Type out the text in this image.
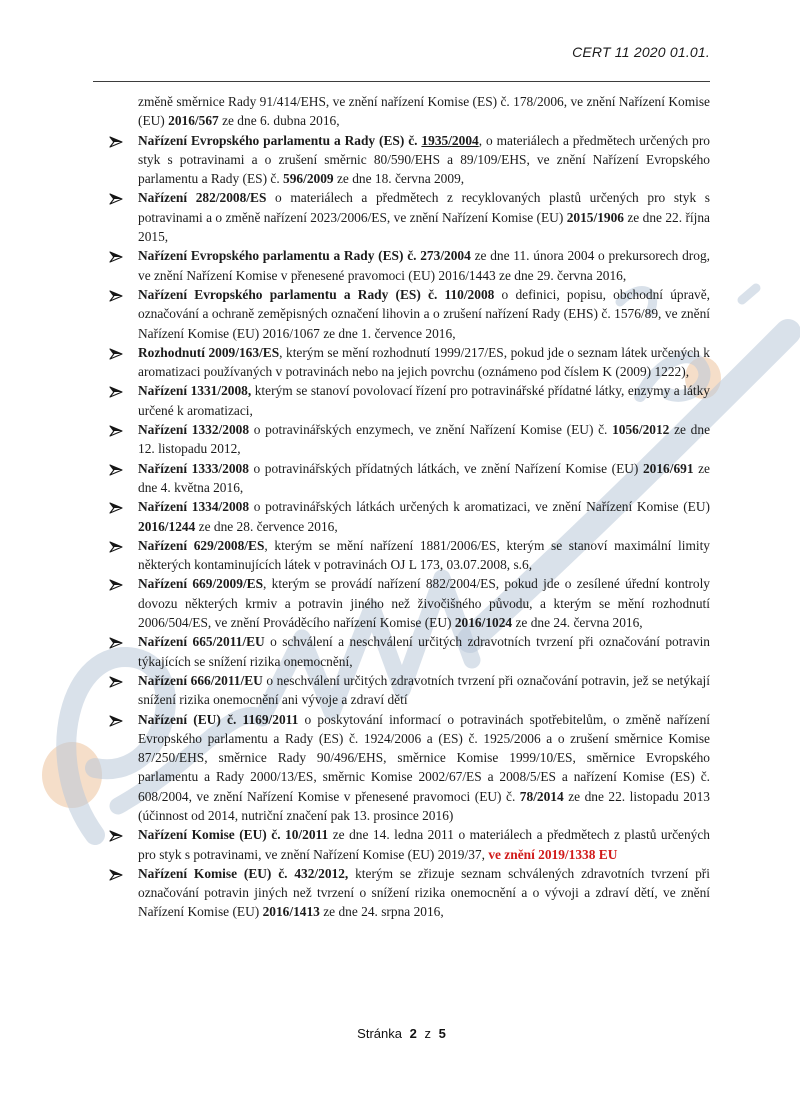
CERT 11 2020 01.01.

změně směrnice Rady 91/414/EHS, ve znění nařízení Komise (ES) č. 178/2006, ve znění Nařízení Komise (EU) 2016/567 ze dne 6. dubna 2016,

Nařízení Evropského parlamentu a Rady (ES) č. 1935/2004, o materiálech a předmětech určených pro styk s potravinami a o zrušení směrnic 80/590/EHS a 89/109/EHS, ve znění Nařízení Evropského parlamentu a Rady (ES) č. 596/2009 ze dne 18. června 2009,
Nařízení 282/2008/ES o materiálech a předmětech z recyklovaných plastů určených pro styk s potravinami a o změně nařízení 2023/2006/ES, ve znění Nařízení Komise (EU) 2015/1906 ze dne 22. října 2015,
Nařízení Evropského parlamentu a Rady (ES) č. 273/2004 ze dne 11. února 2004 o prekursorech drog, ve znění Nařízení Komise v přenesené pravomoci (EU) 2016/1443 ze dne 29. června 2016,
Nařízení Evropského parlamentu a Rady (ES) č. 110/2008 o definici, popisu, obchodní úpravě, označování a ochraně zeměpisných označení lihovin a o zrušení nařízení Rady (EHS) č. 1576/89, ve znění Nařízení Komise (EU) 2016/1067 ze dne 1. července 2016,
Rozhodnutí 2009/163/ES, kterým se mění rozhodnutí 1999/217/ES, pokud jde o seznam látek určených k aromatizaci používaných v potravinách nebo na jejich povrchu (oznámeno pod číslem K (2009) 1222),
Nařízení 1331/2008, kterým se stanoví povolovací řízení pro potravinářské přídatné látky, enzymy a látky určené k aromatizaci,
Nařízení 1332/2008 o potravinářských enzymech, ve znění Nařízení Komise (EU) č. 1056/2012 ze dne 12. listopadu 2012,
Nařízení 1333/2008 o potravinářských přídatných látkách, ve znění Nařízení Komise (EU) 2016/691 ze dne 4. května 2016,
Nařízení 1334/2008 o potravinářských látkách určených k aromatizaci, ve znění Nařízení Komise (EU) 2016/1244 ze dne 28. července 2016,
Nařízení 629/2008/ES, kterým se mění nařízení 1881/2006/ES, kterým se stanoví maximální limity některých kontaminujících látek v potravinách OJ L 173, 03.07.2008, s.6,
Nařízení 669/2009/ES, kterým se provádí nařízení 882/2004/ES, pokud jde o zesílené úřední kontroly dovozu některých krmiv a potravin jiného než živočišného původu, a kterým se mění rozhodnutí 2006/504/ES, ve znění Prováděcího nařízení Komise (EU) 2016/1024 ze dne 24. června 2016,
Nařízení 665/2011/EU o schválení a neschválení určitých zdravotních tvrzení při označování potravin týkajících se snížení rizika onemocnění,
Nařízení 666/2011/EU o neschválení určitých zdravotních tvrzení při označování potravin, jež se netýkají snížení rizika onemocnění ani vývoje a zdraví dětí
Nařízení (EU) č. 1169/2011 o poskytování informací o potravinách spotřebitelům, o změně nařízení Evropského parlamentu a Rady (ES) č. 1924/2006 a (ES) č. 1925/2006 a o zrušení směrnice Komise 87/250/EHS, směrnice Rady 90/496/EHS, směrnice Komise 1999/10/ES, směrnice Evropského parlamentu a Rady 2000/13/ES, směrnic Komise 2002/67/ES a 2008/5/ES a nařízení Komise (ES) č. 608/2004, ve znění Nařízení Komise v přenesené pravomoci (EU) č. 78/2014 ze dne 22. listopadu 2013 (účinnost od 2014, nutriční značení pak 13. prosince 2016)
Nařízení Komise (EU) č. 10/2011 ze dne 14. ledna 2011 o materiálech a předmětech z plastů určených pro styk s potravinami, ve znění Nařízení Komise (EU) 2019/37, ve znění 2019/1338 EU
Nařízení Komise (EU) č. 432/2012, kterým se zřizuje seznam schválených zdravotních tvrzení při označování potravin jiných než tvrzení o snížení rizika onemocnění a o vývoji a zdraví dětí, ve znění Nařízení Komise (EU) 2016/1413 ze dne 24. srpna 2016,
Stránka 2 z 5
